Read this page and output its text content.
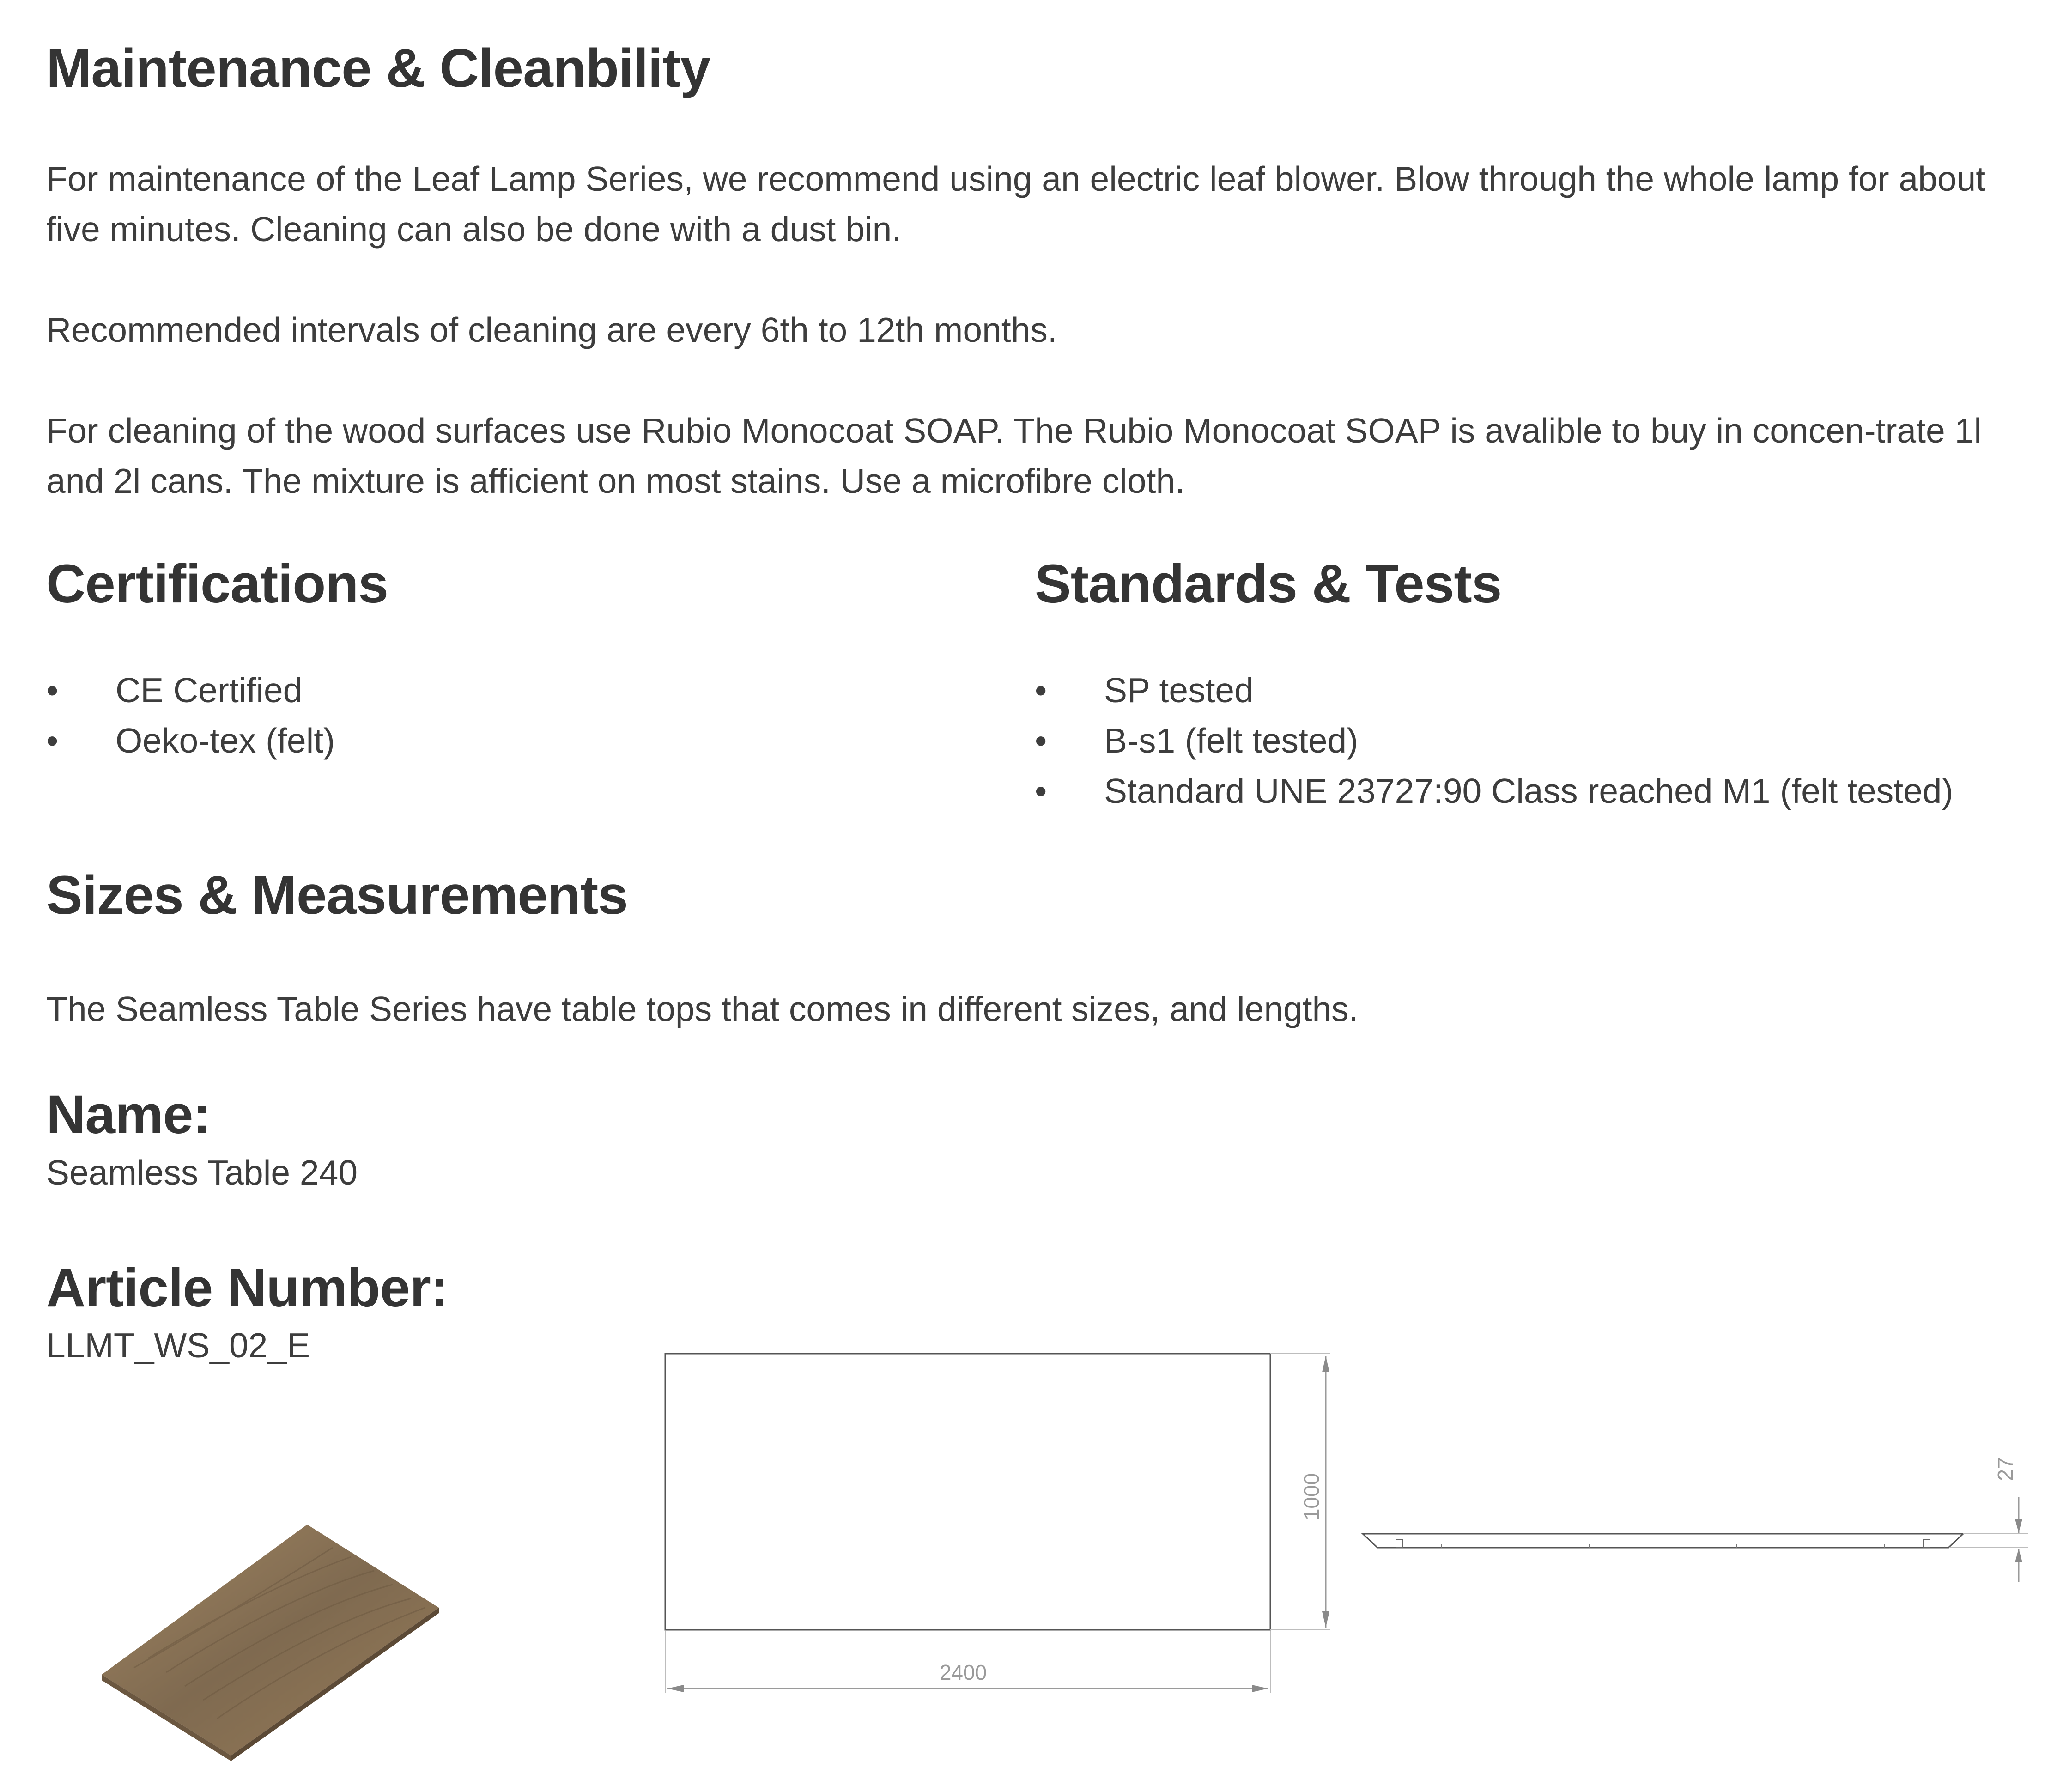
Maintenance & Cleanbility

For maintenance of the Leaf Lamp Series, we recommend using an electric leaf blower. Blow through the whole lamp for about five minutes. Cleaning can also be done with a dust bin.

Recommended intervals of cleaning are every 6th to 12th months.

For cleaning of the wood surfaces use Rubio Monocoat SOAP. The Rubio Monocoat SOAP is avalible to buy in concen-trate 1l and 2l cans. The mixture is afficient on most stains. Use a microfibre cloth.

Certifications
• CE Certified
• Oeko-tex (felt)
Standards & Tests
• SP tested
• B-s1 (felt tested)
• Standard UNE 23727:90 Class reached M1 (felt tested)
Sizes & Measurements

The Seamless Table Series have table tops that comes in different sizes, and lengths.

Name:

Seamless Table 240

Article Number:

LLMT_WS_02_E

1000
2400
27
